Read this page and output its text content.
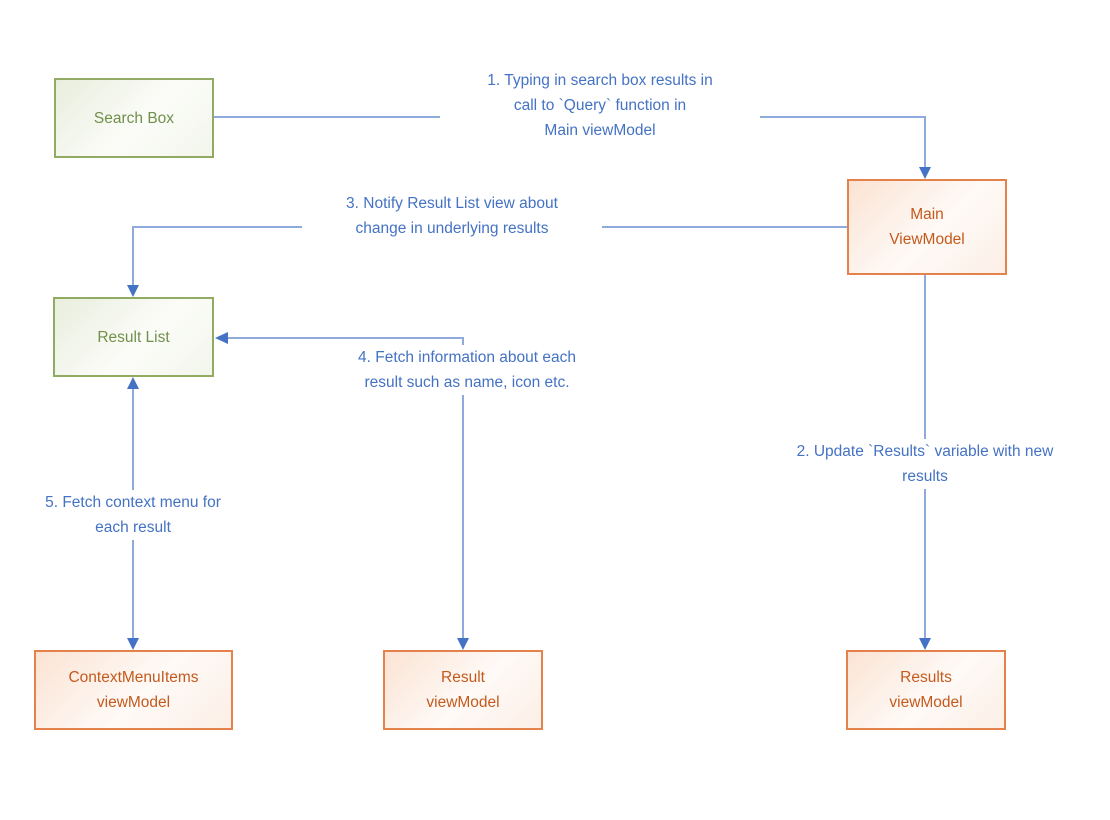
1. Typing in search box results in
call to `Query` function in
Main viewModel
3. Notify Result List view about
change in underlying results
4. Fetch information about each
result such as name, icon etc.
2. Update `Results` variable with new
results
5. Fetch context menu for
each result
Search Box
Main
ViewModel
Result List
ContextMenuItems
viewModel
Result
viewModel
Results
viewModel
